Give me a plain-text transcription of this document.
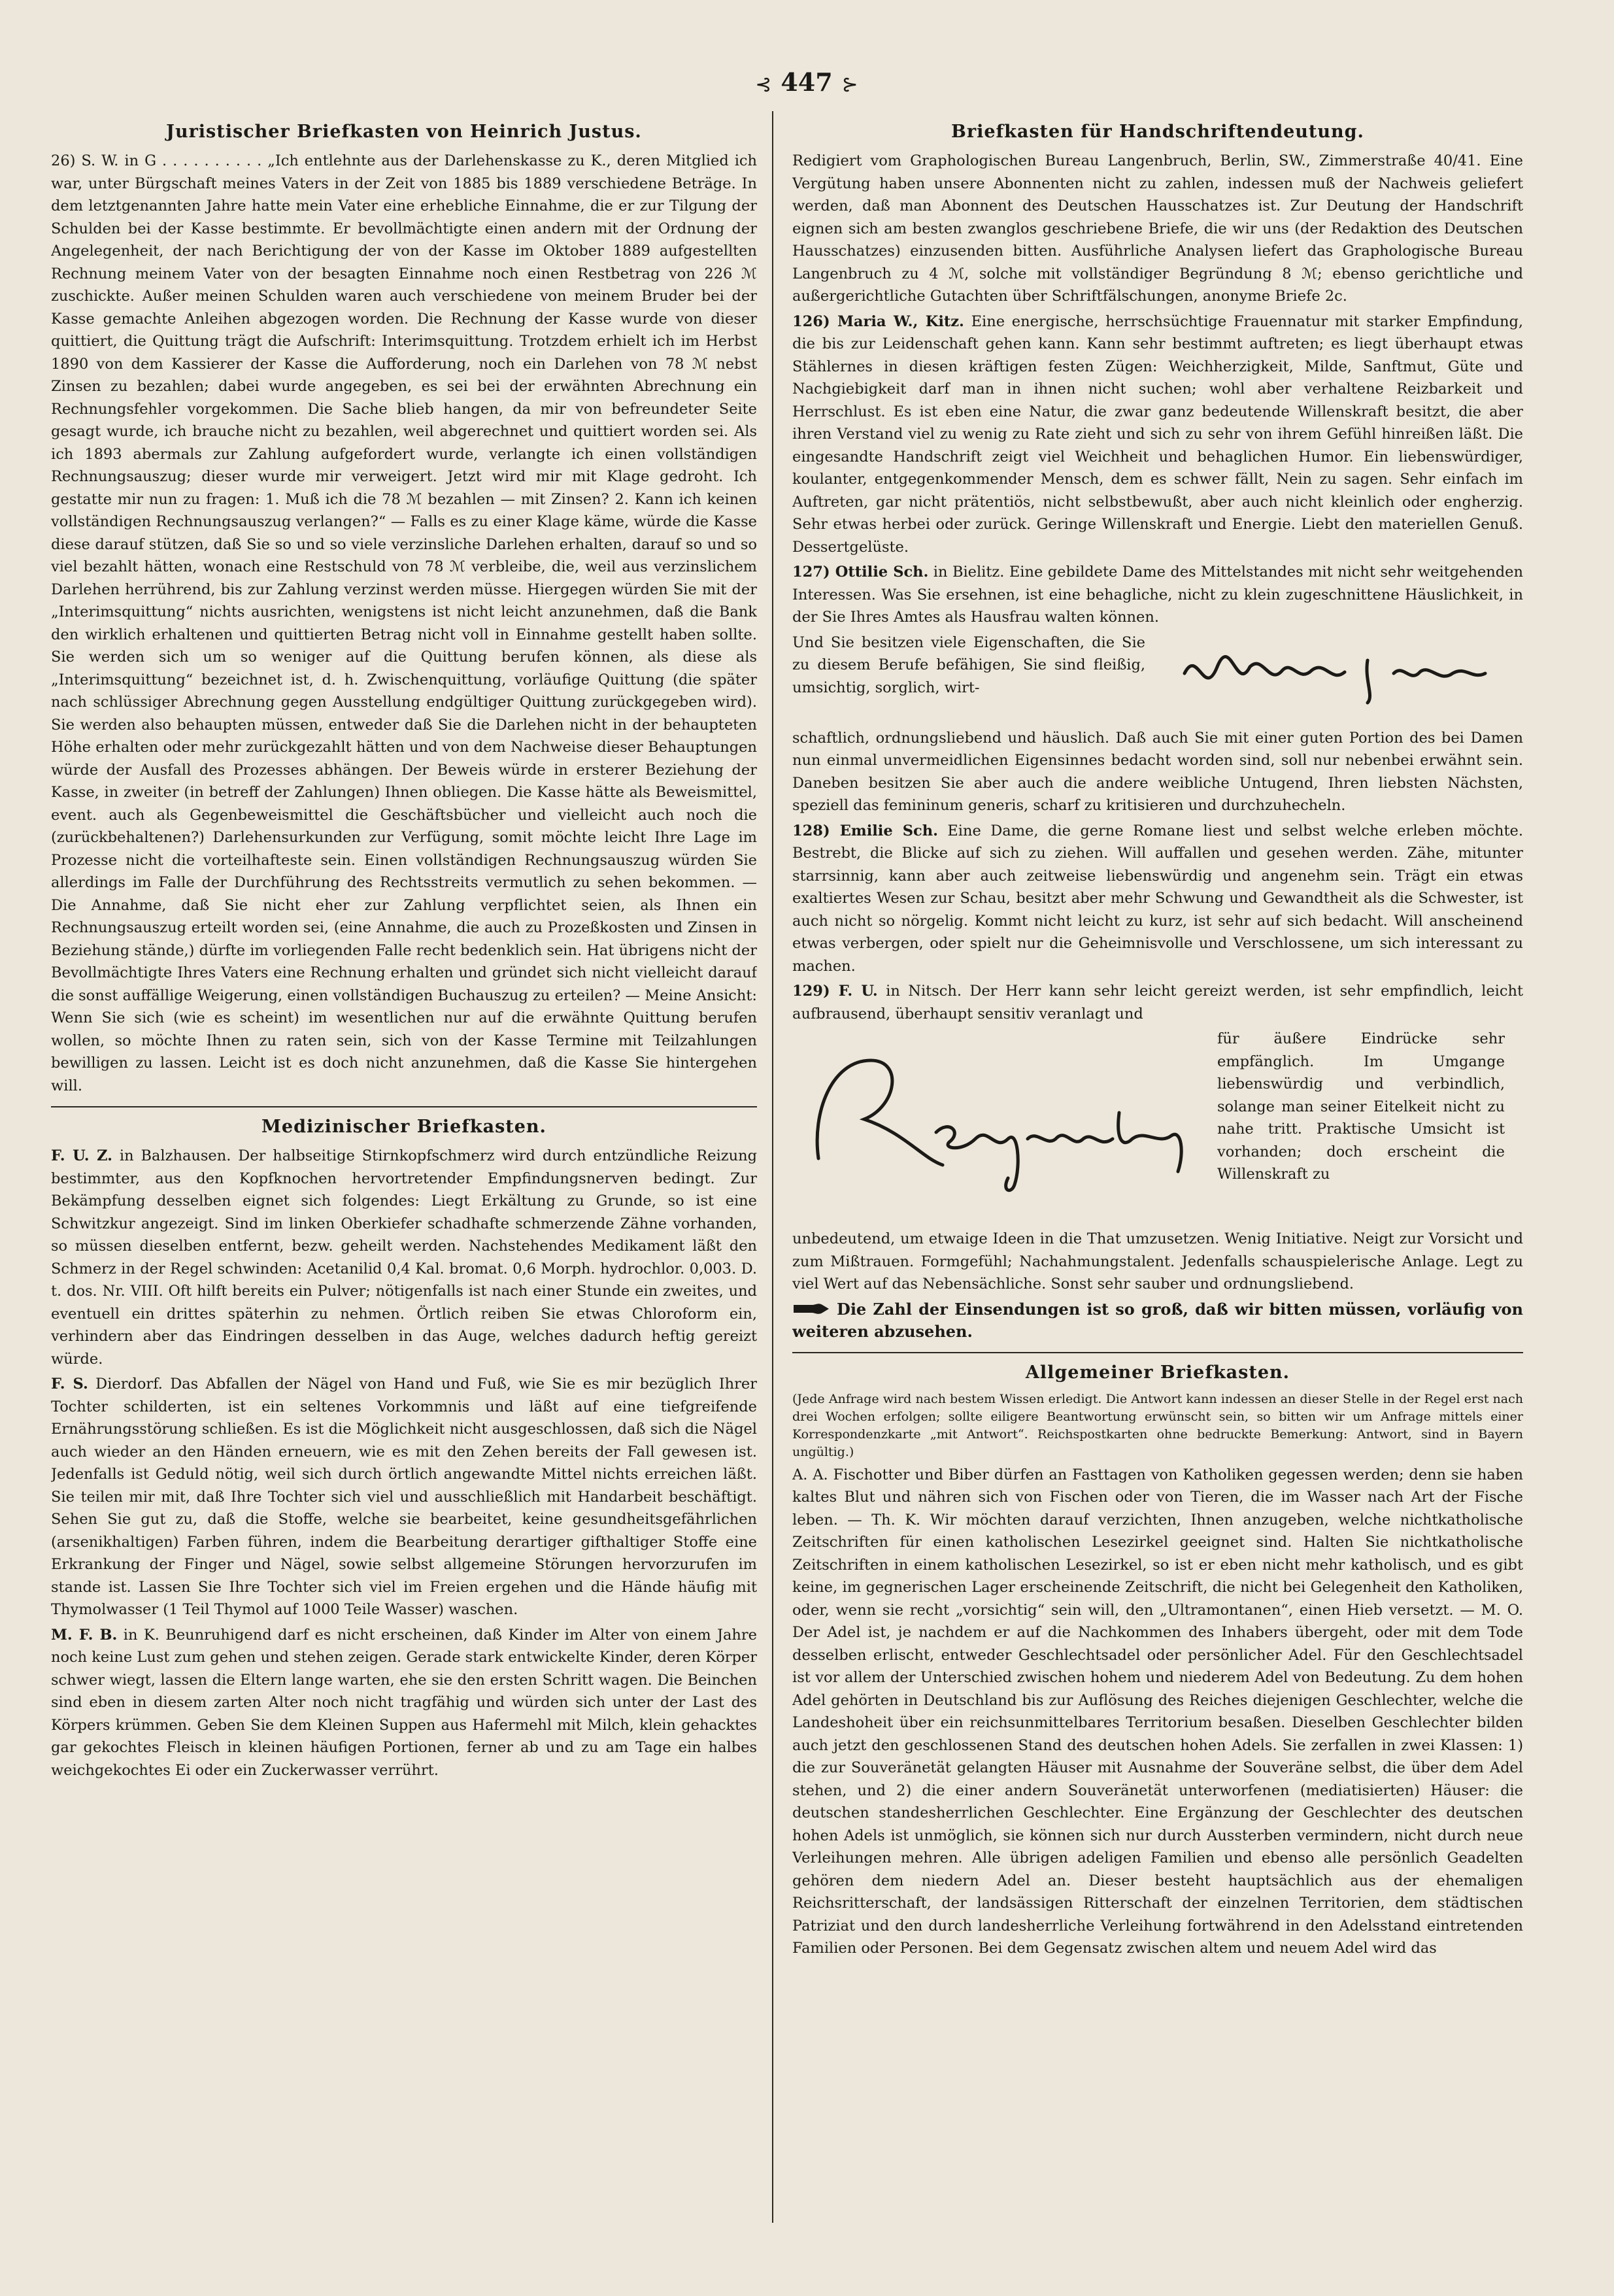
⊰ 447 ⊱
Juristischer Briefkasten von Heinrich Justus.
26) S. W. in G . . . . . . . . . . „Ich entlehnte aus der Darlehenskasse zu K., deren Mitglied ich war, unter Bürgschaft meines Vaters in der Zeit von 1885 bis 1889 verschiedene Beträge. In dem letztgenannten Jahre hatte mein Vater eine erhebliche Einnahme, die er zur Tilgung der Schulden bei der Kasse bestimmte. Er bevollmächtigte einen andern mit der Ordnung der Angelegenheit, der nach Berichtigung der von der Kasse im Oktober 1889 aufgestellten Rechnung meinem Vater von der besagten Einnahme noch einen Restbetrag von 226 ℳ zuschickte. Außer meinen Schulden waren auch verschiedene von meinem Bruder bei der Kasse gemachte Anleihen abgezogen worden. Die Rechnung der Kasse wurde von dieser quittiert, die Quittung trägt die Aufschrift: Interimsquittung. Trotzdem erhielt ich im Herbst 1890 von dem Kassierer der Kasse die Aufforderung, noch ein Darlehen von 78 ℳ nebst Zinsen zu bezahlen; dabei wurde angegeben, es sei bei der erwähnten Abrechnung ein Rechnungsfehler vorgekommen. Die Sache blieb hangen, da mir von befreundeter Seite gesagt wurde, ich brauche nicht zu bezahlen, weil abgerechnet und quittiert worden sei. Als ich 1893 abermals zur Zahlung aufgefordert wurde, verlangte ich einen vollständigen Rechnungsauszug; dieser wurde mir verweigert. Jetzt wird mir mit Klage gedroht. Ich gestatte mir nun zu fragen: 1. Muß ich die 78 ℳ bezahlen — mit Zinsen? 2. Kann ich keinen vollständigen Rechnungsauszug verlangen?“ — Falls es zu einer Klage käme, würde die Kasse diese darauf stützen, daß Sie so und so viele verzinsliche Darlehen erhalten, darauf so und so viel bezahlt hätten, wonach eine Restschuld von 78 ℳ verbleibe, die, weil aus verzinslichem Darlehen herrührend, bis zur Zahlung verzinst werden müsse. Hiergegen würden Sie mit der „Interimsquittung“ nichts ausrichten, wenigstens ist nicht leicht anzunehmen, daß die Bank den wirklich erhaltenen und quittierten Betrag nicht voll in Einnahme gestellt haben sollte. Sie werden sich um so weniger auf die Quittung berufen können, als diese als „Interimsquittung“ bezeichnet ist, d. h. Zwischenquittung, vorläufige Quittung (die später nach schlüssiger Abrechnung gegen Ausstellung endgültiger Quittung zurückgegeben wird). Sie werden also behaupten müssen, entweder daß Sie die Darlehen nicht in der behaupteten Höhe erhalten oder mehr zurückgezahlt hätten und von dem Nachweise dieser Behauptungen würde der Ausfall des Prozesses abhängen. Der Beweis würde in ersterer Beziehung der Kasse, in zweiter (in betreff der Zahlungen) Ihnen obliegen. Die Kasse hätte als Beweismittel, event. auch als Gegenbeweismittel die Geschäftsbücher und vielleicht auch noch die (zurückbehaltenen?) Darlehensurkunden zur Verfügung, somit möchte leicht Ihre Lage im Prozesse nicht die vorteilhafteste sein. Einen vollständigen Rechnungsauszug würden Sie allerdings im Falle der Durchführung des Rechtsstreits vermutlich zu sehen bekommen. — Die Annahme, daß Sie nicht eher zur Zahlung verpflichtet seien, als Ihnen ein Rechnungsauszug erteilt worden sei, (eine Annahme, die auch zu Prozeßkosten und Zinsen in Beziehung stände,) dürfte im vorliegenden Falle recht bedenklich sein. Hat übrigens nicht der Bevollmächtigte Ihres Vaters eine Rechnung erhalten und gründet sich nicht vielleicht darauf die sonst auffällige Weigerung, einen vollständigen Buchauszug zu erteilen? — Meine Ansicht: Wenn Sie sich (wie es scheint) im wesentlichen nur auf die erwähnte Quittung berufen wollen, so möchte Ihnen zu raten sein, sich von der Kasse Termine mit Teilzahlungen bewilligen zu lassen. Leicht ist es doch nicht anzunehmen, daß die Kasse Sie hintergehen will.
Medizinischer Briefkasten.

F. U. Z. in Balzhausen. Der halbseitige Stirnkopfschmerz wird durch entzündliche Reizung bestimmter, aus den Kopfknochen hervortretender Empfindungsnerven bedingt. Zur Bekämpfung desselben eignet sich folgendes: Liegt Erkältung zu Grunde, so ist eine Schwitzkur angezeigt. Sind im linken Oberkiefer schadhafte schmerzende Zähne vorhanden, so müssen dieselben entfernt, bezw. geheilt werden. Nachstehendes Medikament läßt den Schmerz in der Regel schwinden: Acetanilid 0,4 Kal. bromat. 0,6 Morph. hydrochlor. 0,003. D. t. dos. Nr. VIII. Oft hilft bereits ein Pulver; nötigenfalls ist nach einer Stunde ein zweites, und eventuell ein drittes späterhin zu nehmen. Örtlich reiben Sie etwas Chloroform ein, verhindern aber das Eindringen desselben in das Auge, welches dadurch heftig gereizt würde.

F. S. Dierdorf. Das Abfallen der Nägel von Hand und Fuß, wie Sie es mir bezüglich Ihrer Tochter schilderten, ist ein seltenes Vorkommnis und läßt auf eine tiefgreifende Ernährungsstörung schließen. Es ist die Möglichkeit nicht ausgeschlossen, daß sich die Nägel auch wieder an den Händen erneuern, wie es mit den Zehen bereits der Fall gewesen ist. Jedenfalls ist Geduld nötig, weil sich durch örtlich angewandte Mittel nichts erreichen läßt. Sie teilen mir mit, daß Ihre Tochter sich viel und ausschließlich mit Handarbeit beschäftigt. Sehen Sie gut zu, daß die Stoffe, welche sie bearbeitet, keine gesundheitsgefährlichen (arsenikhaltigen) Farben führen, indem die Bearbeitung derartiger gifthaltiger Stoffe eine Erkrankung der Finger und Nägel, sowie selbst allgemeine Störungen hervorzurufen im stande ist. Lassen Sie Ihre Tochter sich viel im Freien ergehen und die Hände häufig mit Thymolwasser (1 Teil Thymol auf 1000 Teile Wasser) waschen.

M. F. B. in K. Beunruhigend darf es nicht erscheinen, daß Kinder im Alter von einem Jahre noch keine Lust zum gehen und stehen zeigen. Gerade stark entwickelte Kinder, deren Körper schwer wiegt, lassen die Eltern lange warten, ehe sie den ersten Schritt wagen. Die Beinchen sind eben in diesem zarten Alter noch nicht tragfähig und würden sich unter der Last des Körpers krümmen. Geben Sie dem Kleinen Suppen aus Hafermehl mit Milch, klein gehacktes gar gekochtes Fleisch in kleinen häufigen Portionen, ferner ab und zu am Tage ein halbes weichgekochtes Ei oder ein Zuckerwasser verrührt.

Briefkasten für Handschriftendeutung.

Redigiert vom Graphologischen Bureau Langenbruch, Berlin, SW., Zimmerstraße 40/41. Eine Vergütung haben unsere Abonnenten nicht zu zahlen, indessen muß der Nachweis geliefert werden, daß man Abonnent des Deutschen Hausschatzes ist. Zur Deutung der Handschrift eignen sich am besten zwanglos geschriebene Briefe, die wir uns (der Redaktion des Deutschen Hausschatzes) einzusenden bitten. Ausführliche Analysen liefert das Graphologische Bureau Langenbruch zu 4 ℳ, solche mit vollständiger Begründung 8 ℳ; ebenso gerichtliche und außergerichtliche Gutachten über Schriftfälschungen, anonyme Briefe 2c.

126) Maria W., Kitz. Eine energische, herrschsüchtige Frauennatur mit starker Empfindung, die bis zur Leidenschaft gehen kann. Kann sehr bestimmt auftreten; es liegt überhaupt etwas Stählernes in diesen kräftigen festen Zügen: Weichherzigkeit, Milde, Sanftmut, Güte und Nachgiebigkeit darf man in ihnen nicht suchen; wohl aber verhaltene Reizbarkeit und Herrschlust. Es ist eben eine Natur, die zwar ganz bedeutende Willenskraft besitzt, die aber ihren Verstand viel zu wenig zu Rate zieht und sich zu sehr von ihrem Gefühl hinreißen läßt. Die eingesandte Handschrift zeigt viel Weichheit und behaglichen Humor. Ein liebenswürdiger, koulanter, entgegenkommender Mensch, dem es schwer fällt, Nein zu sagen. Sehr einfach im Auftreten, gar nicht prätentiös, nicht selbstbewußt, aber auch nicht kleinlich oder engherzig. Sehr etwas herbei oder zurück. Geringe Willenskraft und Energie. Liebt den materiellen Genuß. Dessertgelüste.

127) Ottilie Sch. in Bielitz. Eine gebildete Dame des Mittelstandes mit nicht sehr weitgehenden Interessen. Was Sie ersehnen, ist eine behagliche, nicht zu klein zugeschnittene Häuslichkeit, in der Sie Ihres Amtes als Hausfrau walten können.

Und Sie besitzen viele Eigenschaften, die Sie zu diesem Berufe befähigen, Sie sind fleißig, umsichtig, sorglich, wirt-
Wunsch, die

schaftlich, ordnungsliebend und häuslich. Daß auch Sie mit einer guten Portion des bei Damen nun einmal unvermeidlichen Eigensinnes bedacht worden sind, soll nur nebenbei erwähnt sein. Daneben besitzen Sie aber auch die andere weibliche Untugend, Ihren liebsten Nächsten, speziell das femininum generis, scharf zu kritisieren und durchzuhecheln.

128) Emilie Sch. Eine Dame, die gerne Romane liest und selbst welche erleben möchte. Bestrebt, die Blicke auf sich zu ziehen. Will auffallen und gesehen werden. Zähe, mitunter starrsinnig, kann aber auch zeitweise liebenswürdig und angenehm sein. Trägt ein etwas exaltiertes Wesen zur Schau, besitzt aber mehr Schwung und Gewandtheit als die Schwester, ist auch nicht so nörgelig. Kommt nicht leicht zu kurz, ist sehr auf sich bedacht. Will anscheinend etwas verbergen, oder spielt nur die Geheimnisvolle und Verschlossene, um sich interessant zu machen.

129) F. U. in Nitsch. Der Herr kann sehr leicht gereizt werden, ist sehr empfindlich, leicht aufbrausend, überhaupt sensitiv veranlagt und

Regensburg
für äußere Eindrücke sehr empfänglich. Im Umgange liebenswürdig und verbindlich, solange man seiner Eitelkeit nicht zu nahe tritt. Praktische Umsicht ist vorhanden; doch erscheint die Willenskraft zu

unbedeutend, um etwaige Ideen in die That umzusetzen. Wenig Initiative. Neigt zur Vorsicht und zum Mißtrauen. Formgefühl; Nachahmungstalent. Jedenfalls schauspielerische Anlage. Legt zu viel Wert auf das Nebensächliche. Sonst sehr sauber und ordnungsliebend.

Die Zahl der Einsendungen ist so groß, daß wir bitten müssen, vorläufig von weiteren abzusehen.
Allgemeiner Briefkasten.

(Jede Anfrage wird nach bestem Wissen erledigt. Die Antwort kann indessen an dieser Stelle in der Regel erst nach drei Wochen erfolgen; sollte eiligere Beantwortung erwünscht sein, so bitten wir um Anfrage mittels einer Korrespondenzkarte „mit Antwort“. Reichspostkarten ohne bedruckte Bemerkung: Antwort, sind in Bayern ungültig.)

A. A. Fischotter und Biber dürfen an Fasttagen von Katholiken gegessen werden; denn sie haben kaltes Blut und nähren sich von Fischen oder von Tieren, die im Wasser nach Art der Fische leben. — Th. K. Wir möchten darauf verzichten, Ihnen anzugeben, welche nichtkatholische Zeitschriften für einen katholischen Lesezirkel geeignet sind. Halten Sie nichtkatholische Zeitschriften in einem katholischen Lesezirkel, so ist er eben nicht mehr katholisch, und es gibt keine, im gegnerischen Lager erscheinende Zeitschrift, die nicht bei Gelegenheit den Katholiken, oder, wenn sie recht „vorsichtig“ sein will, den „Ultramontanen“, einen Hieb versetzt. — M. O. Der Adel ist, je nachdem er auf die Nachkommen des Inhabers übergeht, oder mit dem Tode desselben erlischt, entweder Geschlechtsadel oder persönlicher Adel. Für den Geschlechtsadel ist vor allem der Unterschied zwischen hohem und niederem Adel von Bedeutung. Zu dem hohen Adel gehörten in Deutschland bis zur Auflösung des Reiches diejenigen Geschlechter, welche die Landeshoheit über ein reichsunmittelbares Territorium besaßen. Dieselben Geschlechter bilden auch jetzt den geschlossenen Stand des deutschen hohen Adels. Sie zerfallen in zwei Klassen: 1) die zur Souveränetät gelangten Häuser mit Ausnahme der Souveräne selbst, die über dem Adel stehen, und 2) die einer andern Souveränetät unterworfenen (mediatisierten) Häuser: die deutschen standesherrlichen Geschlechter. Eine Ergänzung der Geschlechter des deutschen hohen Adels ist unmöglich, sie können sich nur durch Aussterben vermindern, nicht durch neue Verleihungen mehren. Alle übrigen adeligen Familien und ebenso alle persönlich Geadelten gehören dem niedern Adel an. Dieser besteht hauptsächlich aus der ehemaligen Reichsritterschaft, der landsässigen Ritterschaft der einzelnen Territorien, dem städtischen Patriziat und den durch landesherrliche Verleihung fortwährend in den Adelsstand eintretenden Familien oder Personen. Bei dem Gegensatz zwischen altem und neuem Adel wird das
